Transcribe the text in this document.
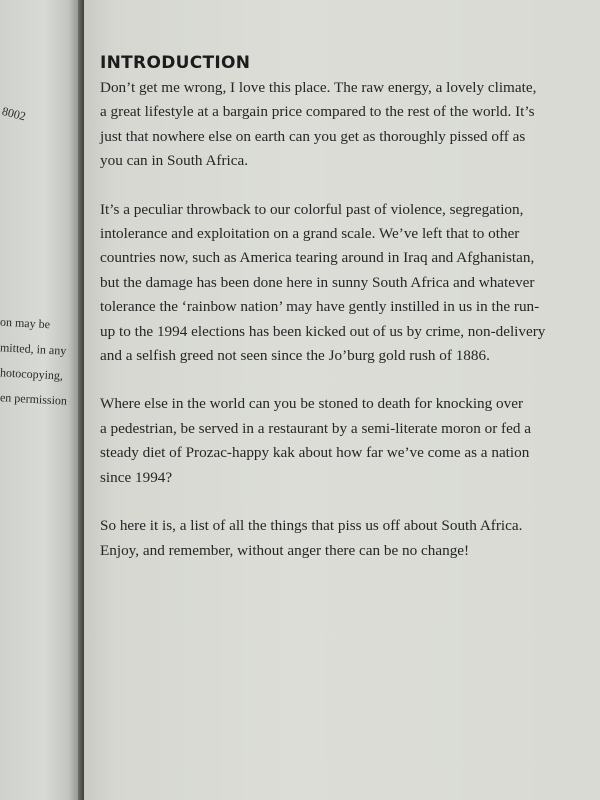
8002
on may be
mitted, in any
hotocopying,
en permission
INTRODUCTION

Don’t get me wrong, I love this place. The raw energy, a lovely climate,
a great lifestyle at a bargain price compared to the rest of the world. It’s
just that nowhere else on earth can you get as thoroughly pissed off as
you can in South Africa.

It’s a peculiar throwback to our colorful past of violence, segregation,
intolerance and exploitation on a grand scale. We’ve left that to other
countries now, such as America tearing around in Iraq and Afghanistan,
but the damage has been done here in sunny South Africa and whatever
tolerance the ‘rainbow nation’ may have gently instilled in us in the run-
up to the 1994 elections has been kicked out of us by crime, non-delivery
and a selfish greed not seen since the Jo’burg gold rush of 1886.

Where else in the world can you be stoned to death for knocking over
a pedestrian, be served in a restaurant by a semi-literate moron or fed a
steady diet of Prozac-happy kak about how far we’ve come as a nation
since 1994?

So here it is, a list of all the things that piss us off about South Africa.
Enjoy, and remember, without anger there can be no change!
